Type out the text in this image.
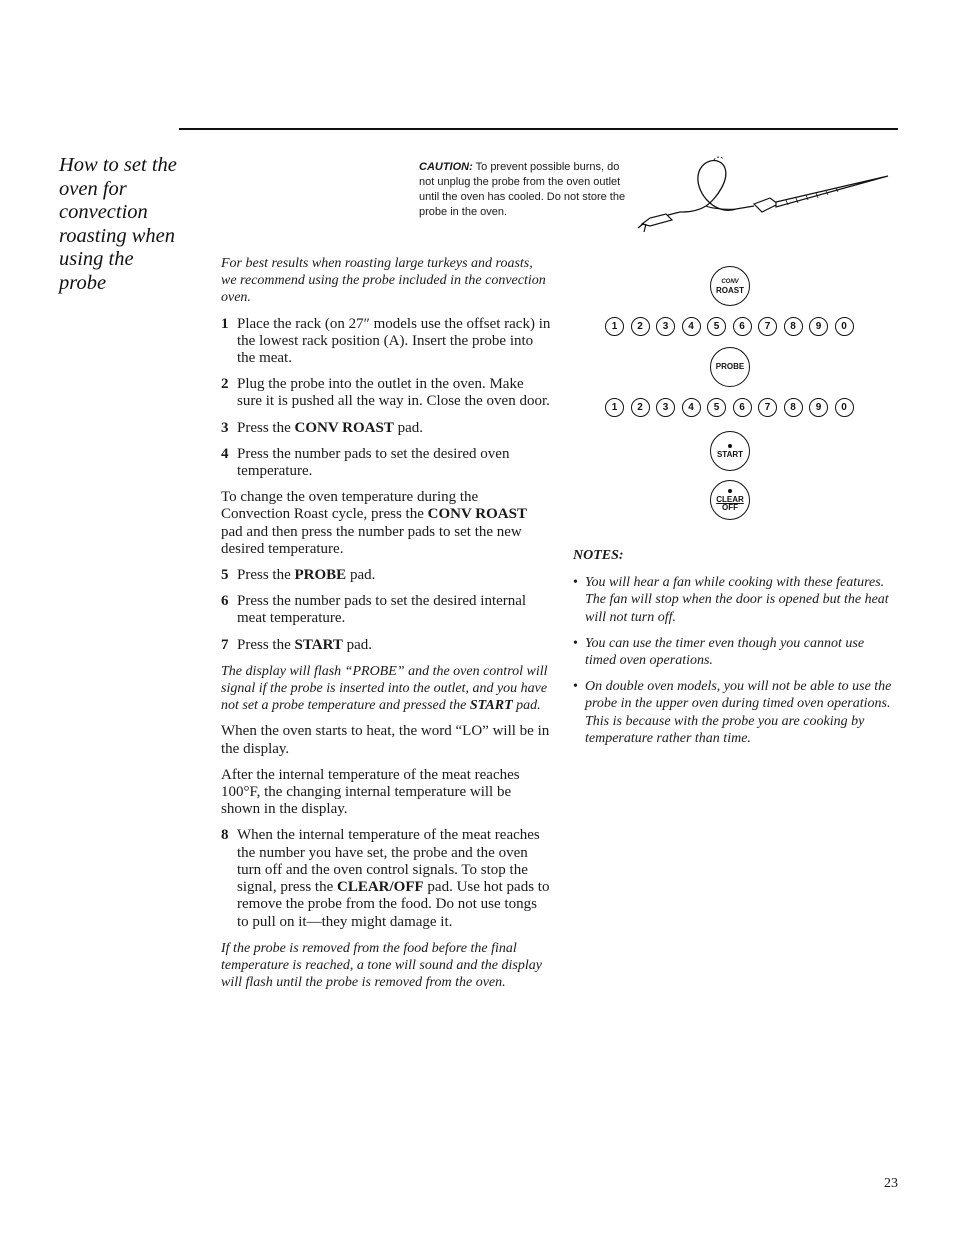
How to set the oven for convection roasting when using the probe
CAUTION: To prevent possible burns, do not unplug the probe from the oven outlet until the oven has cooled. Do not store the probe in the oven.

For best results when roasting large turkeys and roasts, we recommend using the probe included in the convection oven.

1 Place the rack (on 27″ models use the offset rack) in the lowest rack position (A). Insert the probe into the meat.
2 Plug the probe into the outlet in the oven. Make sure it is pushed all the way in. Close the oven door.
3 Press the CONV ROAST pad.
4 Press the number pads to set the desired oven temperature.

To change the oven temperature during the Convection Roast cycle, press the CONV ROAST pad and then press the number pads to set the new desired temperature.

5 Press the PROBE pad.
6 Press the number pads to set the desired internal meat temperature.
7 Press the START pad.

The display will flash “PROBE” and the oven control will signal if the probe is inserted into the outlet, and you have not set a probe temperature and pressed the START pad.

When the oven starts to heat, the word “LO” will be in the display.

After the internal temperature of the meat reaches 100°F, the changing internal temperature will be shown in the display.

8 When the internal temperature of the meat reaches the number you have set, the probe and the oven turn off and the oven control signals. To stop the signal, press the CLEAR/OFF pad. Use hot pads to remove the probe from the food. Do not use tongs to pull on it—they might damage it.

If the probe is removed from the food before the final temperature is reached, a tone will sound and the display will flash until the probe is removed from the oven.

CONV
ROAST
1	2	3	4	5	6	7	8	9	0
PROBE
1	2	3	4	5	6	7	8	9	0
START
CLEAR
OFF
NOTES:
• You will hear a fan while cooking with these features. The fan will stop when the door is opened but the heat will not turn off.
• You can use the timer even though you cannot use timed oven operations.
• On double oven models, you will not be able to use the probe in the upper oven during timed oven operations. This is because with the probe you are cooking by temperature rather than time.
23
